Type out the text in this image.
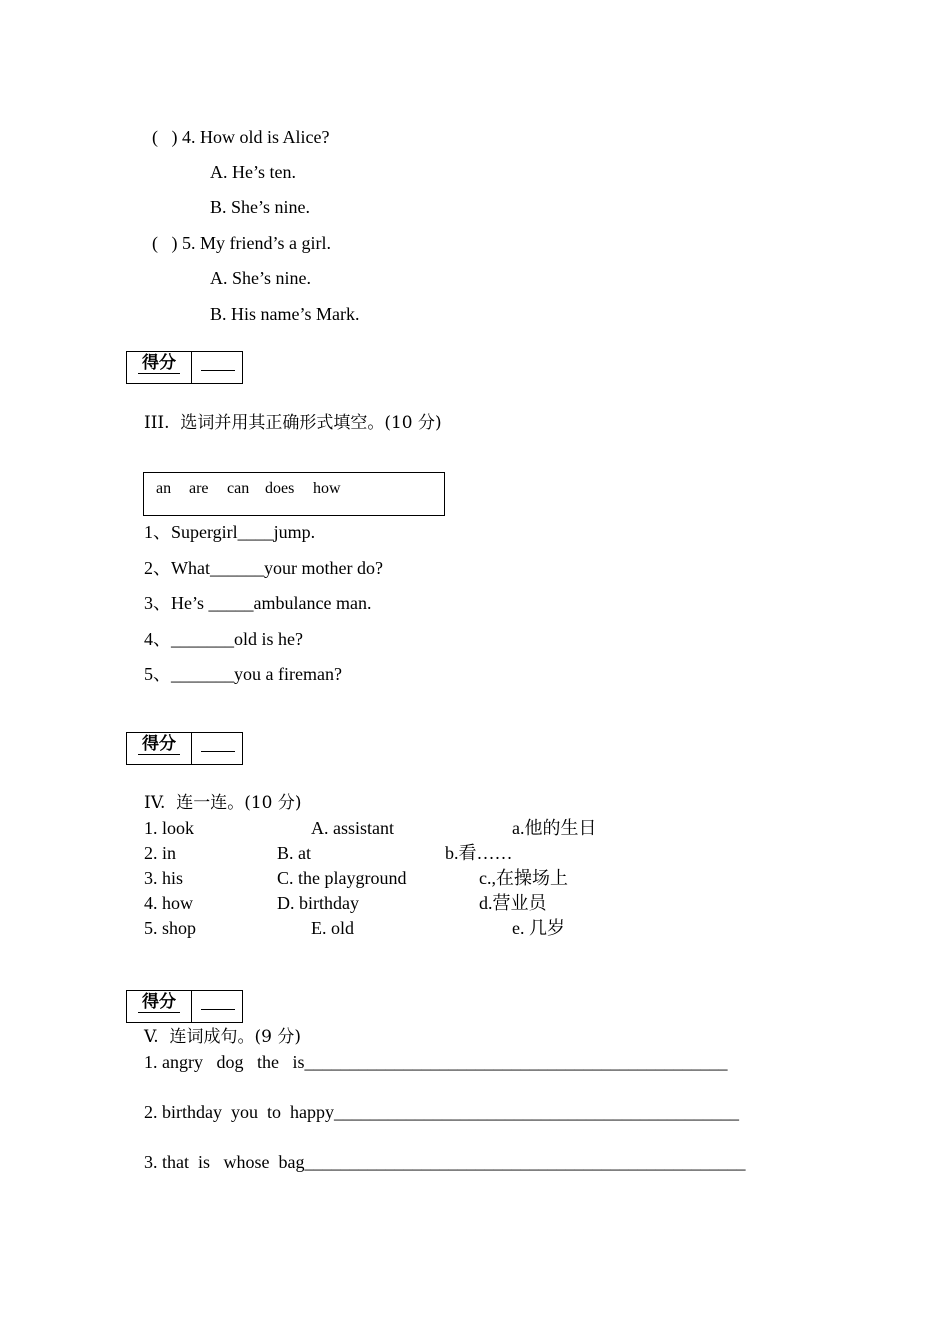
(   ) 4. How old is Alice?
A. He’s ten.
B. She’s nine.
(   ) 5. My friend’s a girl.
A. She’s nine.
B. His name’s Mark.
得分
III.  选词并用其正确形式填空。(10 分)
an are can does how
1、Supergirl____jump.
2、What______your mother do?
3、He’s _____ambulance man.
4、_______old is he?
5、_______you a fireman?
得分
IV.  连一连。(10 分)
1. look
2. in
3. his
4. how
5. shop
A. assistant
B. at
C. the playground
D. birthday
E. old
a.他的生日
b.看……
c.,在操场上
d.营业员
e. 几岁
得分
V.  连词成句。(9 分)
1. angry   dog   the   is_______________________________________________
2. birthday  you  to  happy_____________________________________________
3. that  is   whose  bag_________________________________________________
